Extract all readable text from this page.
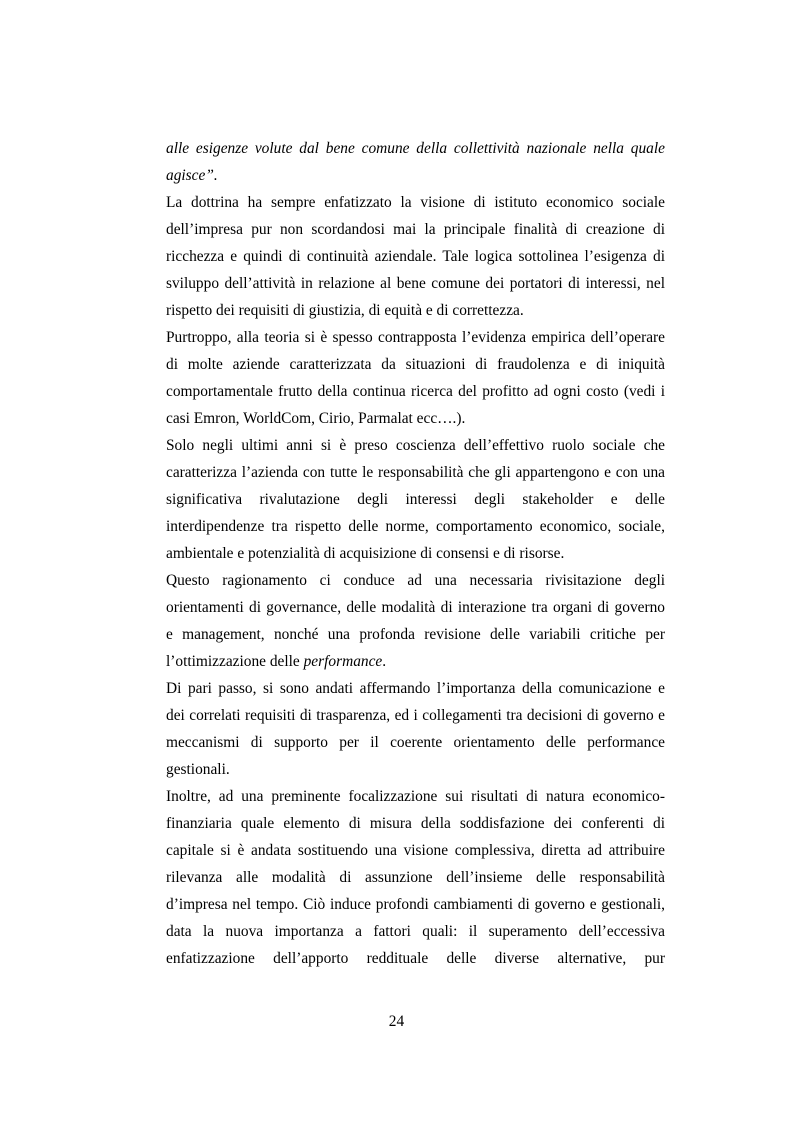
alle esigenze volute dal bene comune della collettività nazionale nella quale
agisce”.
La dottrina ha sempre enfatizzato la visione di istituto economico sociale
dell’impresa pur non scordandosi mai la principale finalità di creazione di
ricchezza e quindi di continuità aziendale. Tale logica sottolinea l’esigenza di
sviluppo dell’attività in relazione al bene comune dei portatori di interessi, nel
rispetto dei requisiti di giustizia, di equità e di correttezza.
Purtroppo, alla teoria si è spesso contrapposta l’evidenza empirica dell’operare
di molte aziende caratterizzata da situazioni di fraudolenza e di iniquità
comportamentale frutto della continua ricerca del profitto ad ogni costo (vedi i
casi Emron, WorldCom, Cirio, Parmalat ecc….).
Solo negli ultimi anni si è preso coscienza dell’effettivo ruolo sociale che
caratterizza l’azienda con tutte le responsabilità che gli appartengono e con una
significativa rivalutazione degli interessi degli stakeholder e delle
interdipendenze tra rispetto delle norme, comportamento economico, sociale,
ambientale e potenzialità di acquisizione di consensi e di risorse.
Questo ragionamento ci conduce ad una necessaria rivisitazione degli
orientamenti di governance, delle modalità di interazione tra organi di governo
e management, nonché una profonda revisione delle variabili critiche per
l’ottimizzazione delle performance.
Di pari passo, si sono andati affermando l’importanza della comunicazione e
dei correlati requisiti di trasparenza, ed i collegamenti tra decisioni di governo e
meccanismi di supporto per il coerente orientamento delle performance
gestionali.
Inoltre, ad una preminente focalizzazione sui risultati di natura economico-
finanziaria quale elemento di misura della soddisfazione dei conferenti di
capitale si è andata sostituendo una visione complessiva, diretta ad attribuire
rilevanza alle modalità di assunzione dell’insieme delle responsabilità
d’impresa nel tempo. Ciò induce profondi cambiamenti di governo e gestionali,
data la nuova importanza a fattori quali: il superamento dell’eccessiva
enfatizzazione dell’apporto reddituale delle diverse alternative, pur
24
